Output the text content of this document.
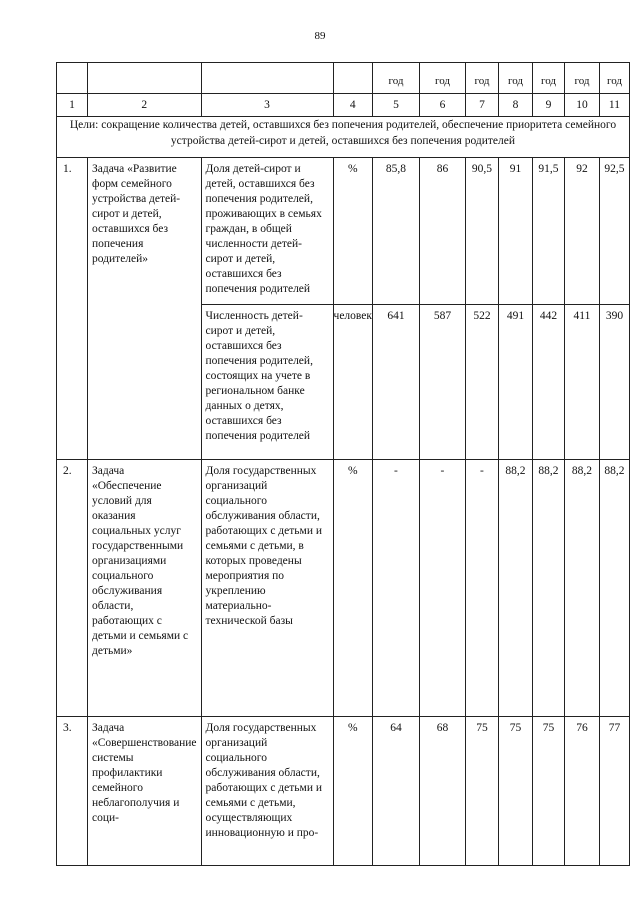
89
				год	год	год	год	год	год	год
1	2	3	4	5	6	7	8	9	10	11
Цели: сокращение количества детей, оставшихся без попечения родителей, обеспечение приоритета семейного устройства детей-сирот и детей, оставшихся без попечения родителей										
1.	Задача «Развитие форм семейного устройства детей-сирот и детей, оставшихся без попечения родителей»	Доля детей-сирот и детей, оставшихся без попечения родителей, проживающих в семьях граждан, в общей численности детей-сирот и детей, оставшихся без попечения родителей	%	85,8	86	90,5	91	91,5	92	92,5
		Численность детей-сирот и детей, оставшихся без попечения родителей, состоящих на учете в региональном банке данных о детях, оставшихся без попечения родителей	человек	641	587	522	491	442	411	390
2.	Задача «Обеспечение условий для оказания социальных услуг государственными организациями социального обслуживания области, работающих с детьми и семьями с детьми»	Доля государственных организаций социального обслуживания области, работающих с детьми и семьями с детьми, в которых проведены мероприятия по укреплению материально-технической базы	%	-	-	-	88,2	88,2	88,2	88,2
3.	Задача «Совершенствование системы профилактики семейного неблагополучия и соци-	Доля государственных организаций социального обслуживания области, работающих с детьми и семьями с детьми, осуществляющих инновационную и про-	%	64	68	75	75	75	76	77
